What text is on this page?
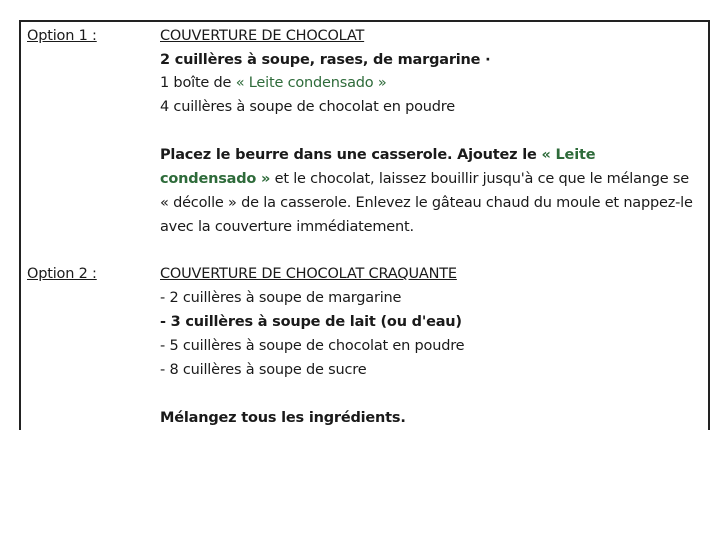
Option 1 :	COUVERTURE DE CHOCOLAT
2 cuillères à soupe, rases, de margarine ·
1 boîte de « Leite condensado »
4 cuillères à soupe de chocolat en poudre
Placez le beurre dans une casserole. Ajoutez le « Leite condensado » et le chocolat, laissez bouillir jusqu'à ce que le mélange se « décolle » de la casserole. Enlevez le gâteau chaud du moule et nappez-le avec la couverture immédiatement.
Option 2 :	COUVERTURE DE CHOCOLAT CRAQUANTE
- 2 cuillères à soupe de margarine
- 3 cuillères à soupe de lait (ou d'eau)
- 5 cuillères à soupe de chocolat en poudre
- 8 cuillères à soupe de sucre
Mélangez tous les ingrédients.
